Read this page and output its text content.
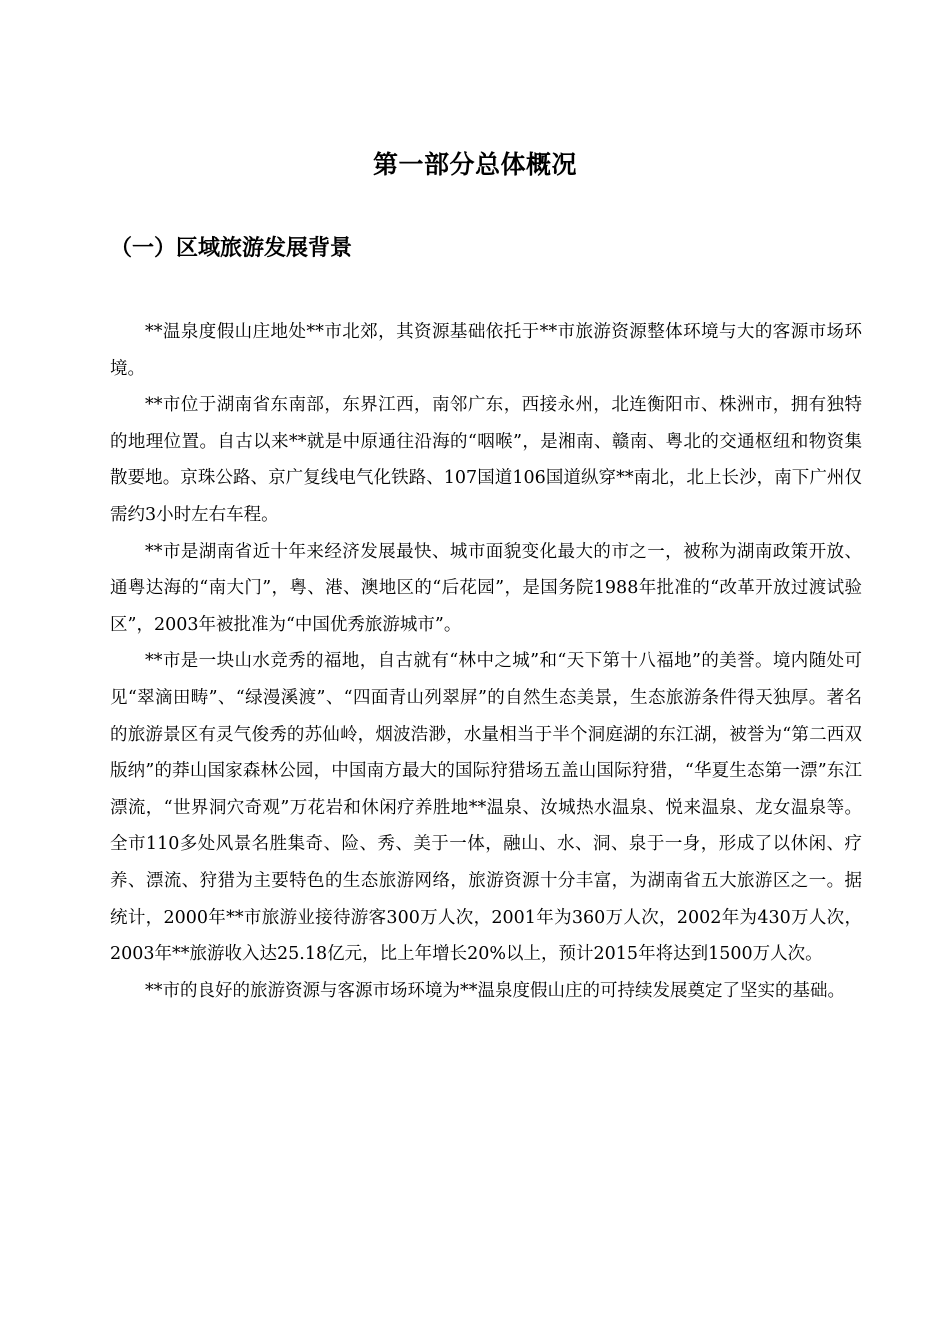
第一部分总体概况
（一）区域旅游发展背景

**温泉度假山庄地处**市北郊，其资源基础依托于**市旅游资源整体环境与大的客源市场环境。

**市位于湖南省东南部，东界江西，南邻广东，西接永州，北连衡阳市、株洲市，拥有独特的地理位置。自古以来**就是中原通往沿海的“咽喉”，是湘南、赣南、粤北的交通枢纽和物资集散要地。京珠公路、京广复线电气化铁路、107国道106国道纵穿**南北，北上长沙，南下广州仅需约3小时左右车程。

**市是湖南省近十年来经济发展最快、城市面貌变化最大的市之一，被称为湖南政策开放、通粤达海的“南大门”，粤、港、澳地区的“后花园”，是国务院1988年批准的“改革开放过渡试验区”，2003年被批准为“中国优秀旅游城市”。

**市是一块山水竞秀的福地，自古就有“林中之城”和“天下第十八福地”的美誉。境内随处可见“翠滴田畴”、“绿漫溪渡”、“四面青山列翠屏”的自然生态美景，生态旅游条件得天独厚。著名的旅游景区有灵气俊秀的苏仙岭，烟波浩渺，水量相当于半个洞庭湖的东江湖，被誉为“第二西双版纳”的莽山国家森林公园，中国南方最大的国际狩猎场五盖山国际狩猎，“华夏生态第一漂”东江漂流，“世界洞穴奇观”万花岩和休闲疗养胜地**温泉、汝城热水温泉、悦来温泉、龙女温泉等。全市110多处风景名胜集奇、险、秀、美于一体，融山、水、洞、泉于一身，形成了以休闲、疗养、漂流、狩猎为主要特色的生态旅游网络，旅游资源十分丰富，为湖南省五大旅游区之一。据统计，2000年**市旅游业接待游客300万人次，2001年为360万人次，2002年为430万人次，2003年**旅游收入达25.18亿元，比上年增长20%以上，预计2015年将达到1500万人次。

**市的良好的旅游资源与客源市场环境为**温泉度假山庄的可持续发展奠定了坚实的基础。
